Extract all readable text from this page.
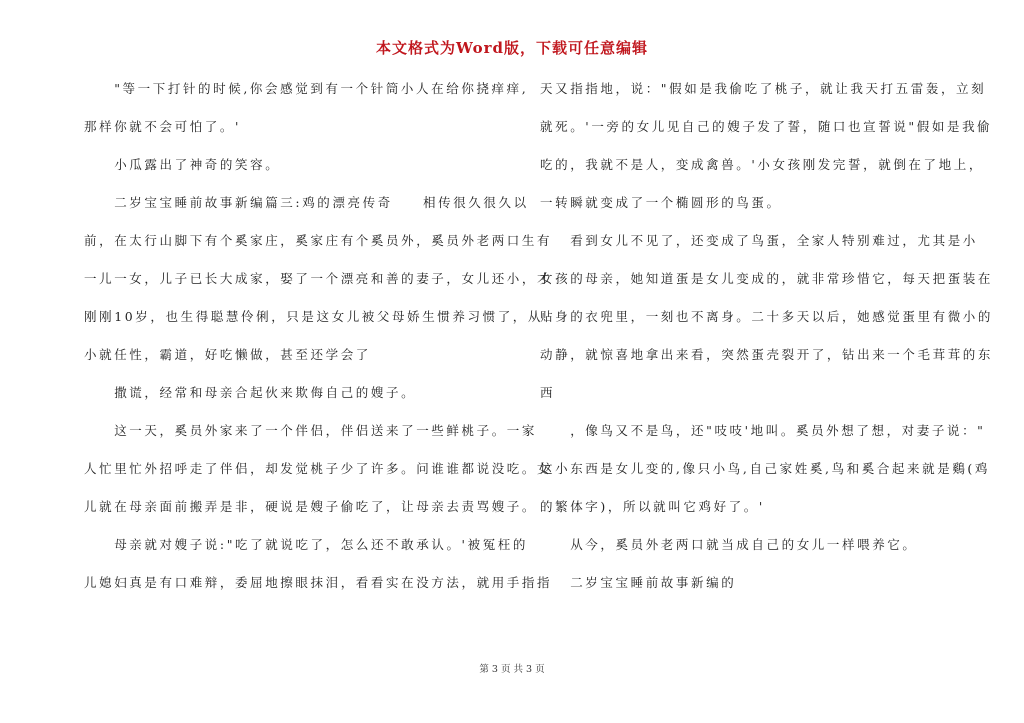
本文格式为Word版，下载可任意编辑
　　"等一下打针的时候,你会感觉到有一个针筒小人在给你挠痒痒,
那样你就不会可怕了。'
　　小瓜露出了神奇的笑容。
　　二岁宝宝睡前故事新编篇三:鸡的漂亮传奇　　相传很久很久以
前，在太行山脚下有个奚家庄，奚家庄有个奚员外，奚员外老两口生有
一儿一女，儿子已长大成家，娶了一个漂亮和善的妻子，女儿还小，才
刚刚10岁，也生得聪慧伶俐，只是这女儿被父母娇生惯养习惯了，从
小就任性，霸道，好吃懒做，甚至还学会了
　　撒谎，经常和母亲合起伙来欺侮自己的嫂子。
　　这一天，奚员外家来了一个伴侣，伴侣送来了一些鲜桃子。一家
人忙里忙外招呼走了伴侣，却发觉桃子少了许多。问谁谁都说没吃。女
儿就在母亲面前搬弄是非，硬说是嫂子偷吃了，让母亲去责骂嫂子。
　　母亲就对嫂子说:"吃了就说吃了，怎么还不敢承认。'被冤枉的
儿媳妇真是有口难辩，委屈地擦眼抹泪，看看实在没方法，就用手指指
天又指指地，说："假如是我偷吃了桃子，就让我天打五雷轰，立刻
就死。'一旁的女儿见自己的嫂子发了誓，随口也宣誓说"假如是我偷
吃的，我就不是人，变成禽兽。'小女孩刚发完誓，就倒在了地上，
一转瞬就变成了一个椭圆形的鸟蛋。
　　看到女儿不见了，还变成了鸟蛋，全家人特别难过，尤其是小
女孩的母亲，她知道蛋是女儿变成的，就非常珍惜它，每天把蛋装在
贴身的衣兜里，一刻也不离身。二十多天以后，她感觉蛋里有微小的
动静，就惊喜地拿出来看，突然蛋壳裂开了，钻出来一个毛茸茸的东
西
　　，像鸟又不是鸟，还"吱吱'地叫。奚员外想了想，对妻子说："
这小东西是女儿变的,像只小鸟,自己家姓奚,鸟和奚合起来就是鷄(鸡
的繁体字)，所以就叫它鸡好了。'
　　从今，奚员外老两口就当成自己的女儿一样喂养它。
　　二岁宝宝睡前故事新编的
第 3 页 共 3 页
